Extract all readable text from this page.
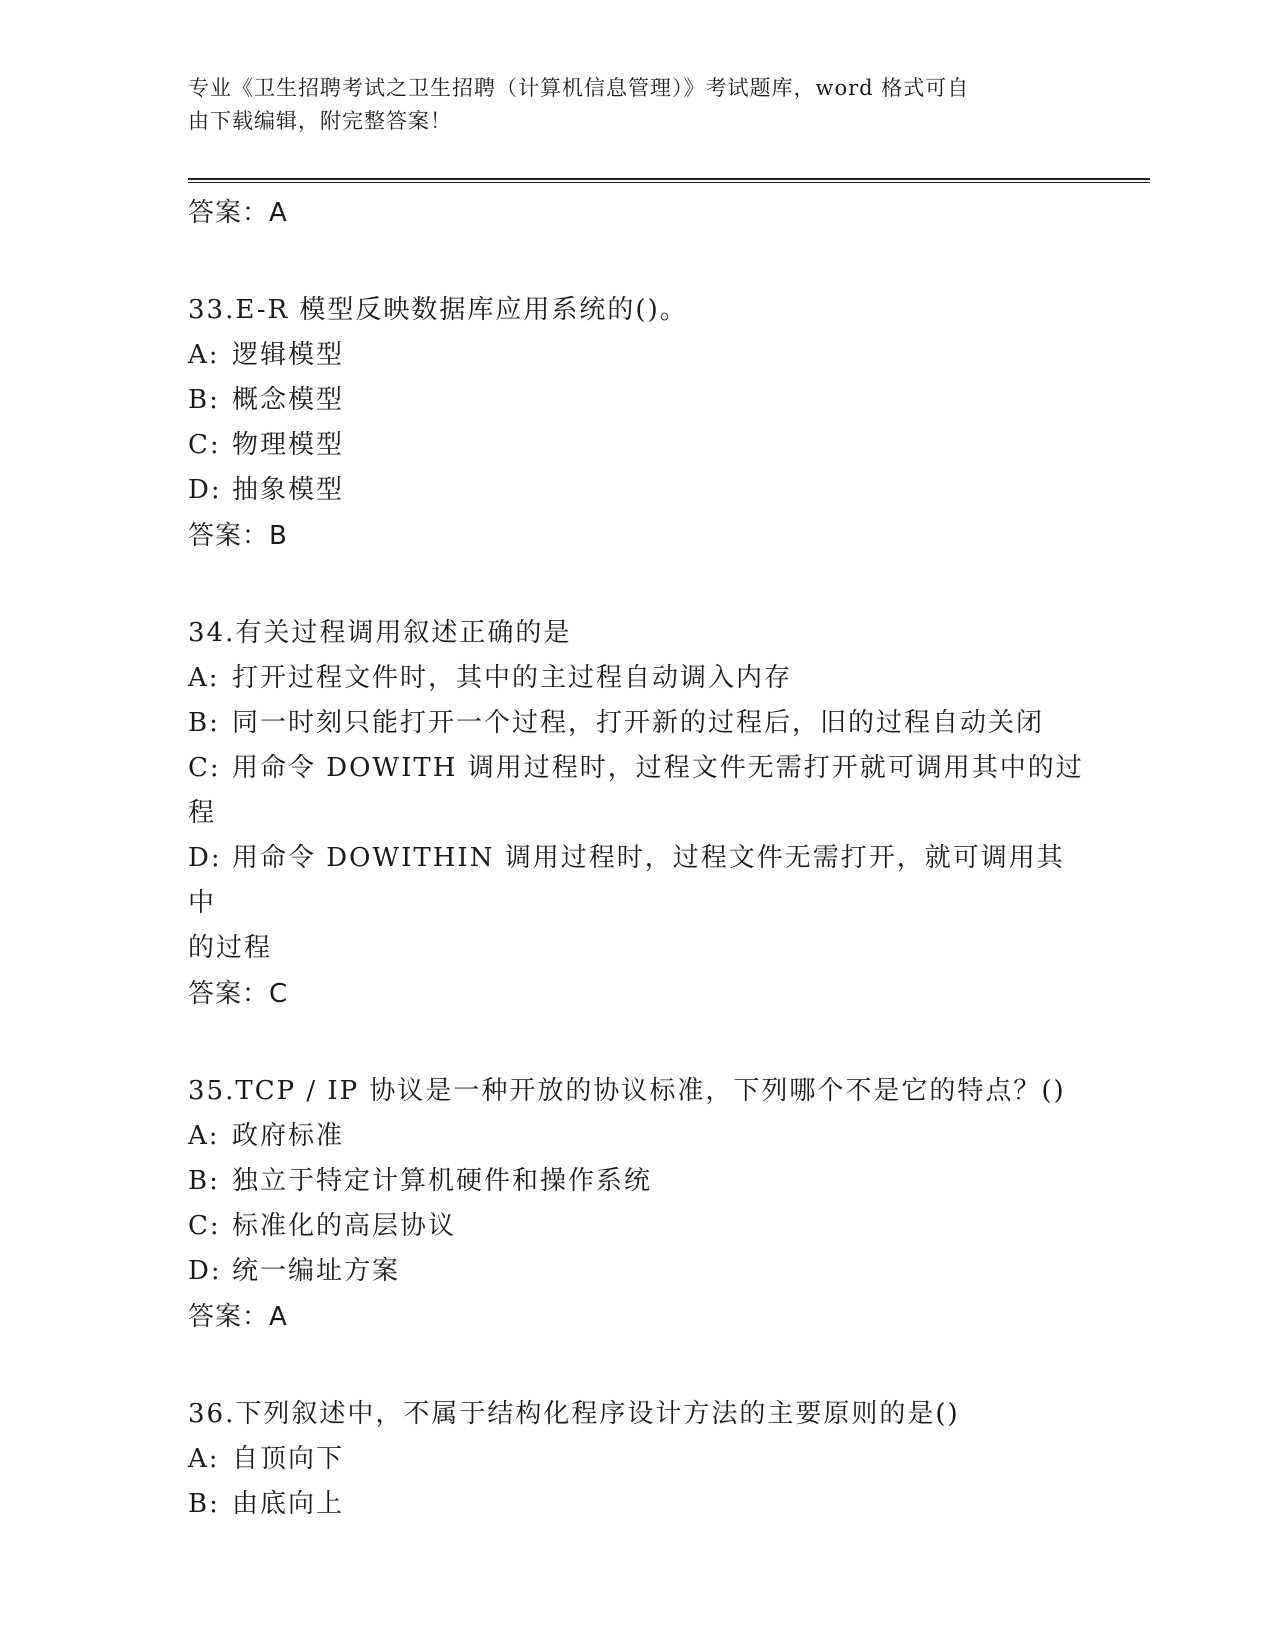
专业《卫生招聘考试之卫生招聘（计算机信息管理）》考试题库，word 格式可自
由下载编辑，附完整答案！
答案：A
33.E-R 模型反映数据库应用系统的()。
A: 逻辑模型
B: 概念模型
C: 物理模型
D: 抽象模型
答案：B
34.有关过程调用叙述正确的是
A: 打开过程文件时，其中的主过程自动调入内存
B: 同一时刻只能打开一个过程，打开新的过程后，旧的过程自动关闭
C: 用命令 DOWITH 调用过程时，过程文件无需打开就可调用其中的过
程
D: 用命令 DOWITHIN 调用过程时，过程文件无需打开，就可调用其中
的过程
答案：C
35.TCP / IP 协议是一种开放的协议标准，下列哪个不是它的特点？()
A: 政府标准
B: 独立于特定计算机硬件和操作系统
C: 标准化的高层协议
D: 统一编址方案
答案：A
36.下列叙述中，不属于结构化程序设计方法的主要原则的是()
A: 自顶向下
B: 由底向上
